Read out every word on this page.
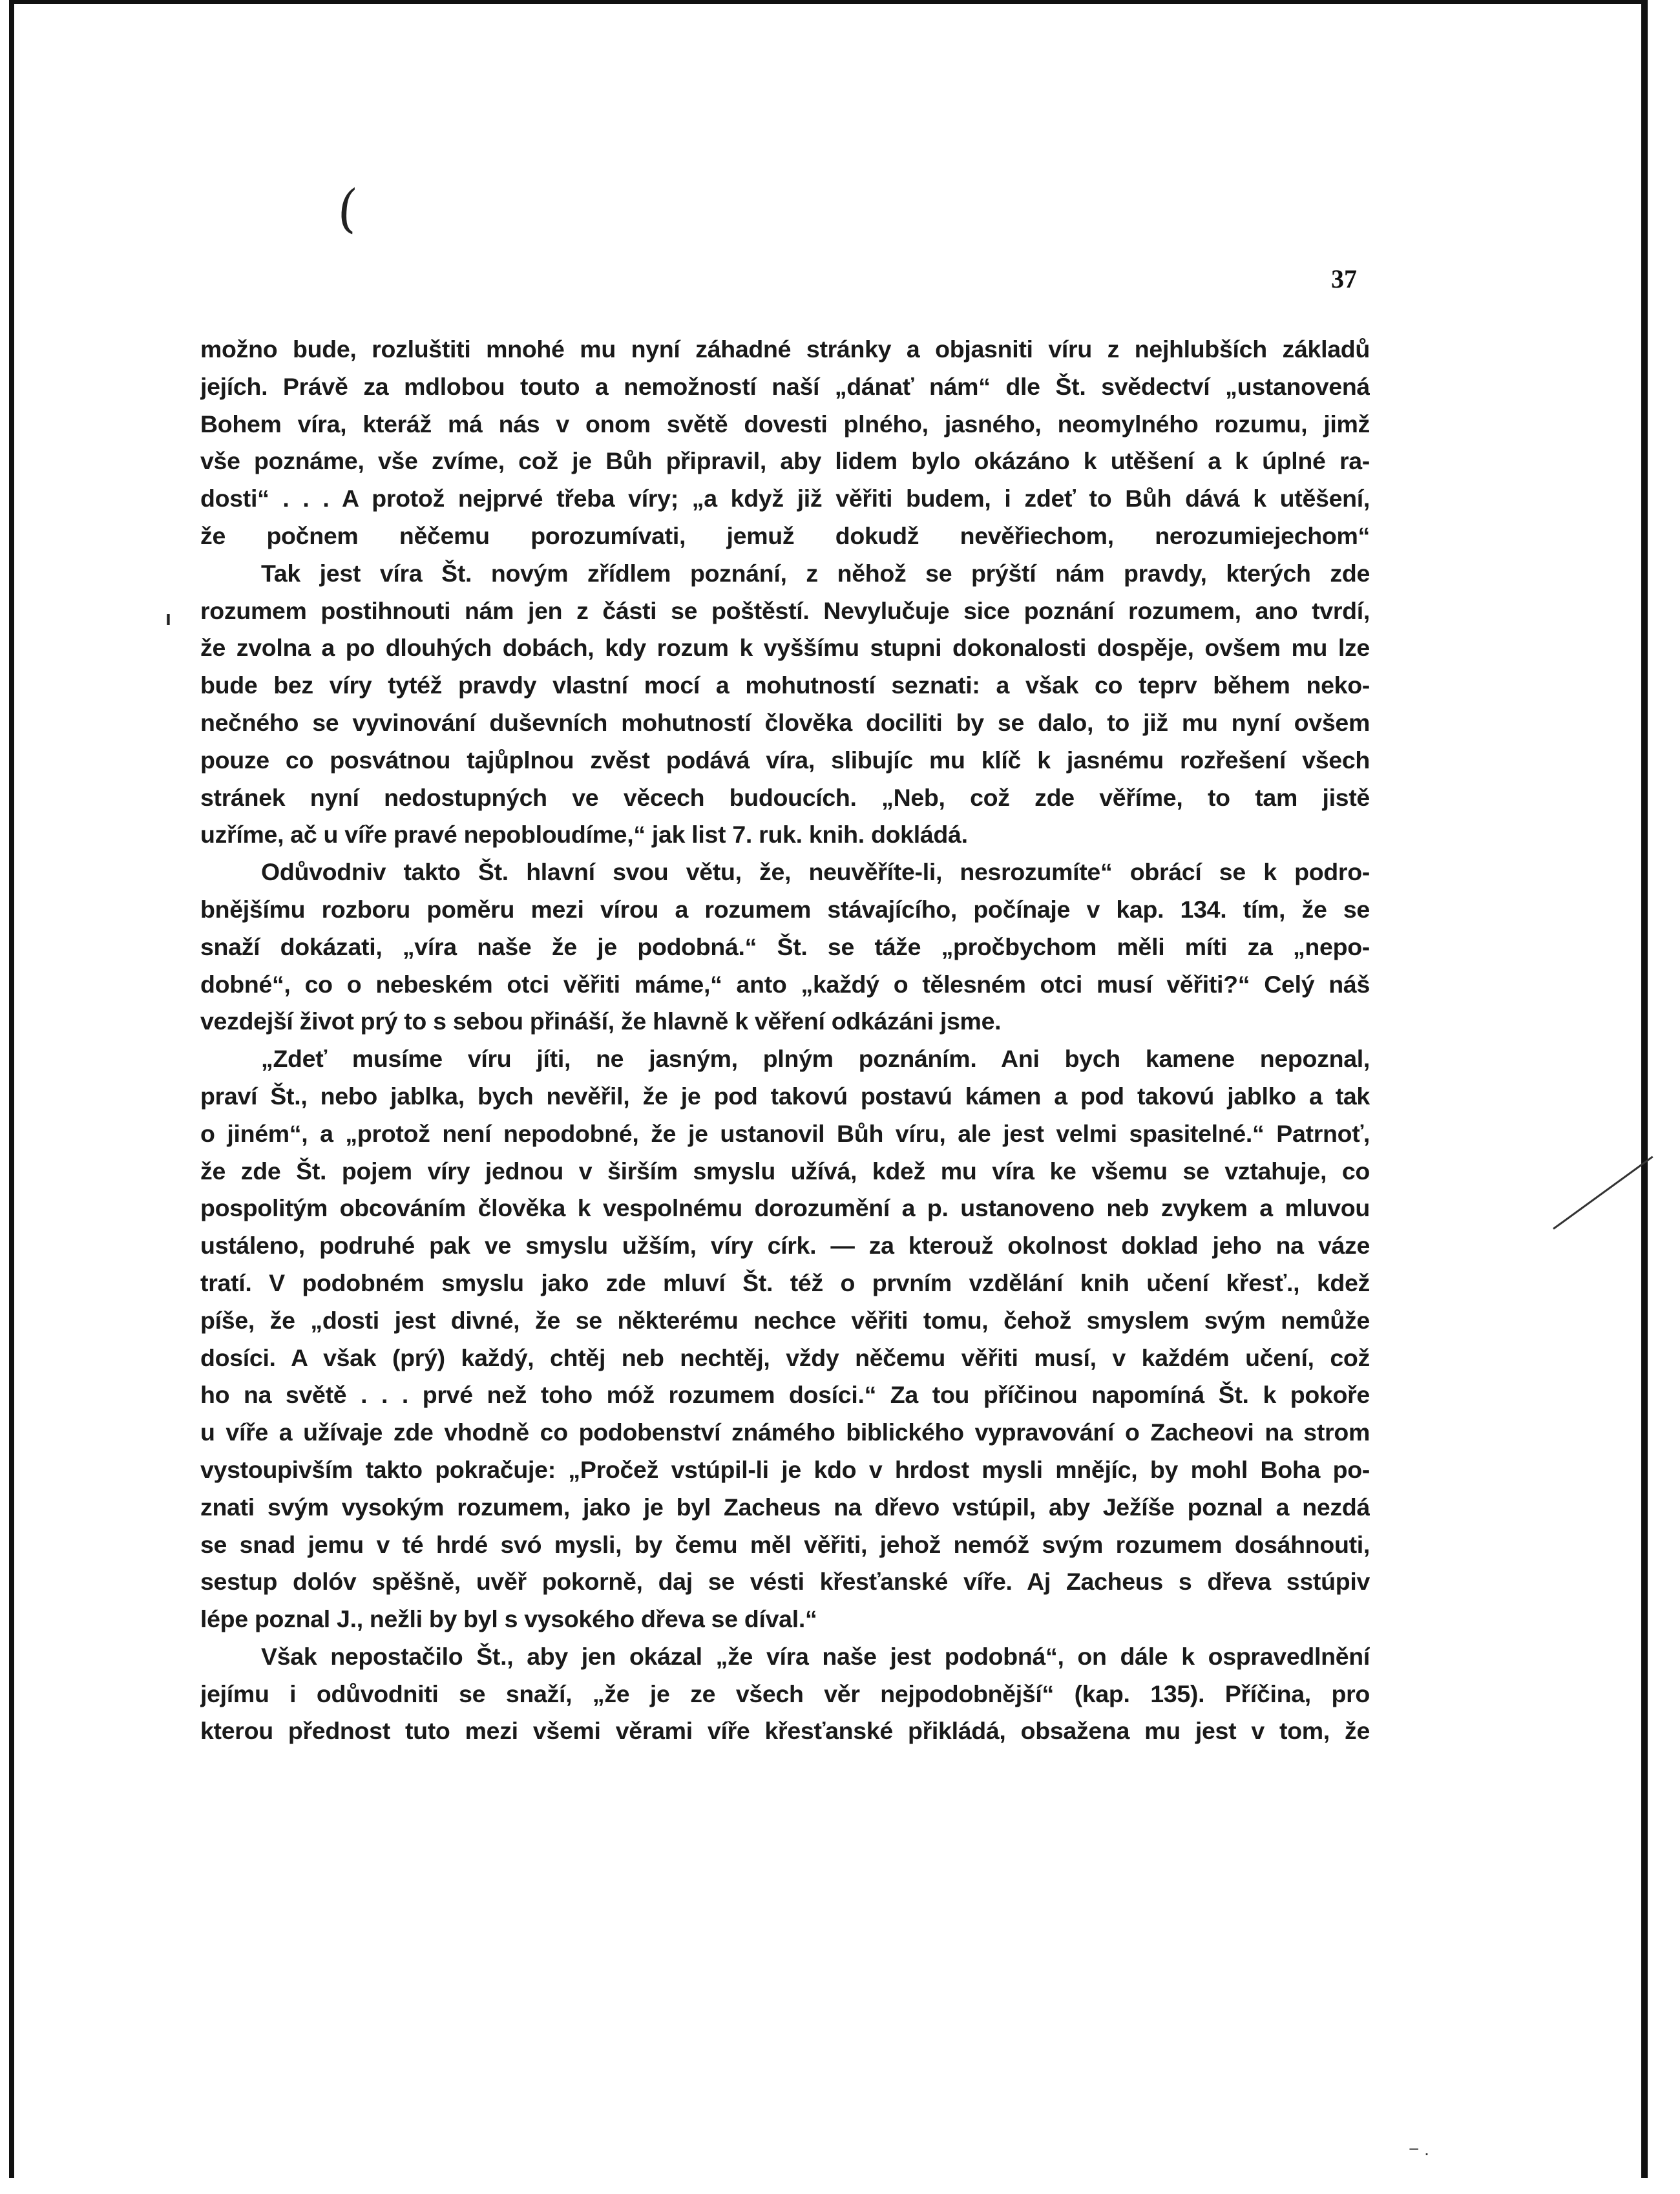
(
37
ı
− .
možno bude, rozluštiti mnohé mu nyní záhadné stránky a objasniti víru z nejhlubších základů
jejích. Právě za mdlobou touto a nemožností naší „dánať nám“ dle Št. svědectví „ustanovená
Bohem víra, kteráž má nás v onom světě dovesti plného, jasného, neomylného rozumu, jimž
vše poznáme, vše zvíme, což je Bůh připravil, aby lidem bylo okázáno k utěšení a k úplné ra-
dosti“ . . . A protož nejprvé třeba víry; „a když již věřiti budem, i zdeť to Bůh dává k utěšení,
že počnem něčemu porozumívati, jemuž dokudž nevěřiechom, nerozumiejechom“
Tak jest víra Št. novým zřídlem poznání, z něhož se prýští nám pravdy, kterých zde
rozumem postihnouti nám jen z části se poštěstí. Nevylučuje sice poznání rozumem, ano tvrdí,
že zvolna a po dlouhých dobách, kdy rozum k vyššímu stupni dokonalosti dospěje, ovšem mu lze
bude bez víry tytéž pravdy vlastní mocí a mohutností seznati: a však co teprv během neko-
nečného se vyvinování duševních mohutností člověka dociliti by se dalo, to již mu nyní ovšem
pouze co posvátnou tajůplnou zvěst podává víra, slibujíc mu klíč k jasnému rozřešení všech
stránek nyní nedostupných ve věcech budoucích. „Neb, což zde věříme, to tam jistě
uzříme, ač u víře pravé nepobloudíme,“ jak list 7. ruk. knih. dokládá.
Odůvodniv takto Št. hlavní svou větu, že, neuvěříte-li, nesrozumíte“ obrácí se k podro-
bnějšímu rozboru poměru mezi vírou a rozumem stávajícího, počínaje v kap. 134. tím, že se
snaží dokázati, „víra naše že je podobná.“ Št. se táže „pročbychom měli míti za „nepo-
dobné“, co o nebeském otci věřiti máme,“ anto „každý o tělesném otci musí věřiti?“ Celý náš
vezdejší život prý to s sebou přináší, že hlavně k věření odkázáni jsme.
„Zdeť musíme víru jíti, ne jasným, plným poznáním. Ani bych kamene nepoznal,
praví Št., nebo jablka, bych nevěřil, že je pod takovú postavú kámen a pod takovú jablko a tak
o jiném“, a „protož není nepodobné, že je ustanovil Bůh víru, ale jest velmi spasitelné.“ Patrnoť,
že zde Št. pojem víry jednou v širším smyslu užívá, kdež mu víra ke všemu se vztahuje, co
pospolitým obcováním člověka k vespolnému dorozumění a p. ustanoveno neb zvykem a mluvou
ustáleno, podruhé pak ve smyslu užším, víry círk. — za kterouž okolnost doklad jeho na váze
tratí. V podobném smyslu jako zde mluví Št. též o prvním vzdělání knih učení křesť., kdež
píše, že „dosti jest divné, že se některému nechce věřiti tomu, čehož smyslem svým nemůže
dosíci. A však (prý) každý, chtěj neb nechtěj, vždy něčemu věřiti musí, v každém učení, což
ho na světě . . . prvé než toho móž rozumem dosíci.“ Za tou příčinou napomíná Št. k pokoře
u víře a užívaje zde vhodně co podobenství známého biblického vypravování o Zacheovi na strom
vystoupivším takto pokračuje: „Pročež vstúpil-li je kdo v hrdost mysli mnějíc, by mohl Boha po-
znati svým vysokým rozumem, jako je byl Zacheus na dřevo vstúpil, aby Ježíše poznal a nezdá
se snad jemu v té hrdé svó mysli, by čemu měl věřiti, jehož nemóž svým rozumem dosáhnouti,
sestup dolóv spěšně, uvěř pokorně, daj se vésti křesťanské víře. Aj Zacheus s dřeva sstúpiv
lépe poznal J., nežli by byl s vysokého dřeva se díval.“
Však nepostačilo Št., aby jen okázal „že víra naše jest podobná“, on dále k ospravedlnění
jejímu i odůvodniti se snaží, „že je ze všech věr nejpodobnější“ (kap. 135). Příčina, pro
kterou přednost tuto mezi všemi věrami víře křesťanské přikládá, obsažena mu jest v tom, že
